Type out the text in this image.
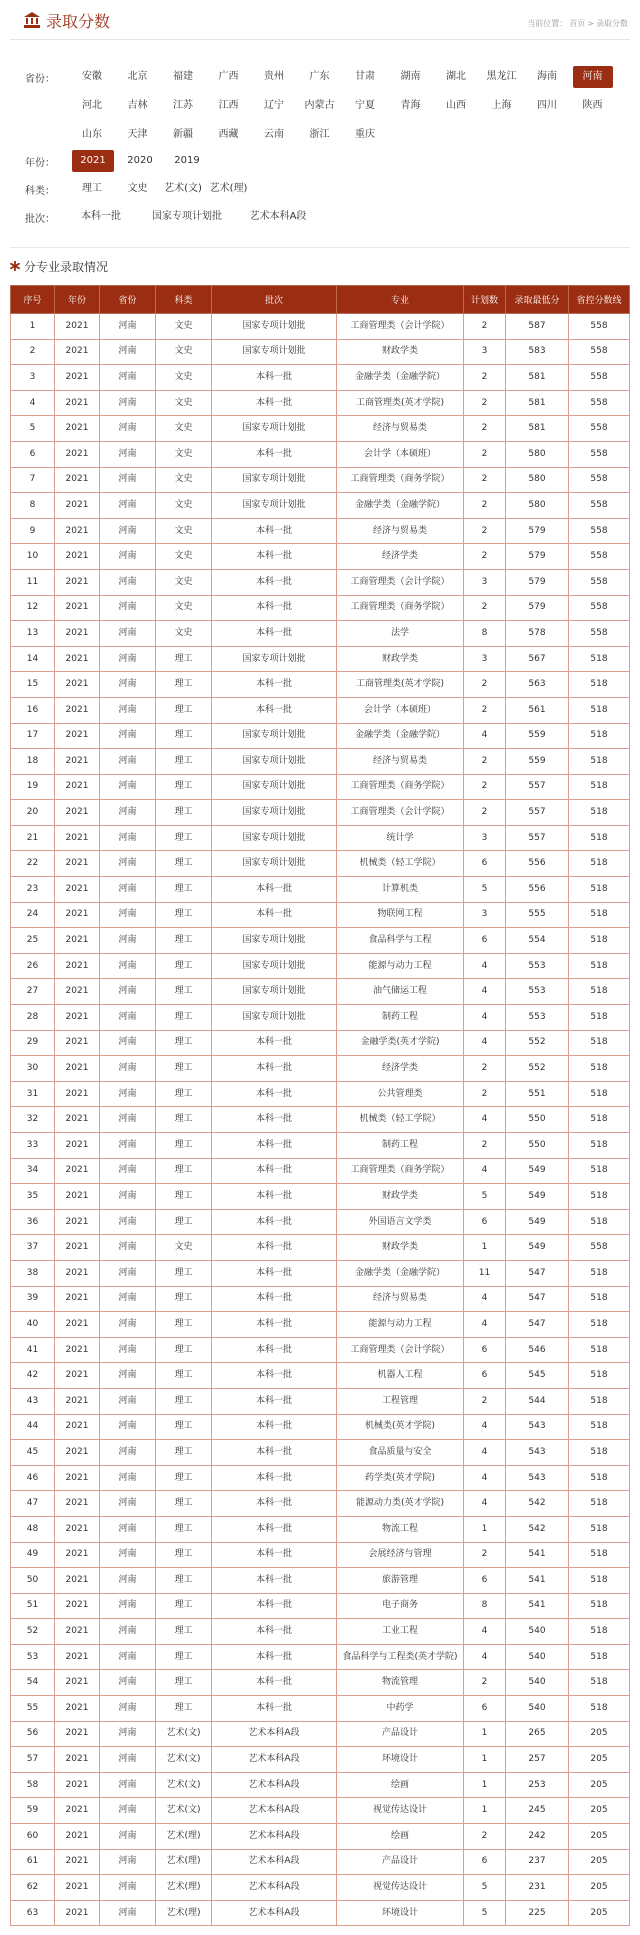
录取分数	当前位置： 首页 > 录取分数
省份：	安徽	北京	福建	广西	贵州	广东	甘肃	湖南	湖北	黑龙江	海南	河南
河北	吉林	江苏	江西	辽宁	内蒙古	宁夏	青海	山西	上海	四川	陕西
山东	天津	新疆	西藏	云南	浙江	重庆
年份：	2021	2020	2019
科类：	理工	文史	艺术(文) 艺术(理)
批次：	本科一批	国家专项计划批	艺术本科A段
分专业录取情况
序号	年份	省份	科类	批次	专业	计划数	录取最低分	省控分数线
1	2021	河南	文史	国家专项计划批	工商管理类（会计学院）	2	587	558
2	2021	河南	文史	国家专项计划批	财政学类	3	583	558
3	2021	河南	文史	本科一批	金融学类（金融学院）	2	581	558
4	2021	河南	文史	本科一批	工商管理类(英才学院)	2	581	558
5	2021	河南	文史	国家专项计划批	经济与贸易类	2	581	558
6	2021	河南	文史	本科一批	会计学（本硕班）	2	580	558
7	2021	河南	文史	国家专项计划批	工商管理类（商务学院）	2	580	558
8	2021	河南	文史	国家专项计划批	金融学类（金融学院）	2	580	558
9	2021	河南	文史	本科一批	经济与贸易类	2	579	558
10	2021	河南	文史	本科一批	经济学类	2	579	558
11	2021	河南	文史	本科一批	工商管理类（会计学院）	3	579	558
12	2021	河南	文史	本科一批	工商管理类（商务学院）	2	579	558
13	2021	河南	文史	本科一批	法学	8	578	558
14	2021	河南	理工	国家专项计划批	财政学类	3	567	518
15	2021	河南	理工	本科一批	工商管理类(英才学院)	2	563	518
16	2021	河南	理工	本科一批	会计学（本硕班）	2	561	518
17	2021	河南	理工	国家专项计划批	金融学类（金融学院）	4	559	518
18	2021	河南	理工	国家专项计划批	经济与贸易类	2	559	518
19	2021	河南	理工	国家专项计划批	工商管理类（商务学院）	2	557	518
20	2021	河南	理工	国家专项计划批	工商管理类（会计学院）	2	557	518
21	2021	河南	理工	国家专项计划批	统计学	3	557	518
22	2021	河南	理工	国家专项计划批	机械类（轻工学院）	6	556	518
23	2021	河南	理工	本科一批	计算机类	5	556	518
24	2021	河南	理工	本科一批	物联网工程	3	555	518
25	2021	河南	理工	国家专项计划批	食品科学与工程	6	554	518
26	2021	河南	理工	国家专项计划批	能源与动力工程	4	553	518
27	2021	河南	理工	国家专项计划批	油气储运工程	4	553	518
28	2021	河南	理工	国家专项计划批	制药工程	4	553	518
29	2021	河南	理工	本科一批	金融学类(英才学院)	4	552	518
30	2021	河南	理工	本科一批	经济学类	2	552	518
31	2021	河南	理工	本科一批	公共管理类	2	551	518
32	2021	河南	理工	本科一批	机械类（轻工学院）	4	550	518
33	2021	河南	理工	本科一批	制药工程	2	550	518
34	2021	河南	理工	本科一批	工商管理类（商务学院）	4	549	518
35	2021	河南	理工	本科一批	财政学类	5	549	518
36	2021	河南	理工	本科一批	外国语言文学类	6	549	518
37	2021	河南	文史	本科一批	财政学类	1	549	558
38	2021	河南	理工	本科一批	金融学类（金融学院）	11	547	518
39	2021	河南	理工	本科一批	经济与贸易类	4	547	518
40	2021	河南	理工	本科一批	能源与动力工程	4	547	518
41	2021	河南	理工	本科一批	工商管理类（会计学院）	6	546	518
42	2021	河南	理工	本科一批	机器人工程	6	545	518
43	2021	河南	理工	本科一批	工程管理	2	544	518
44	2021	河南	理工	本科一批	机械类(英才学院)	4	543	518
45	2021	河南	理工	本科一批	食品质量与安全	4	543	518
46	2021	河南	理工	本科一批	药学类(英才学院)	4	543	518
47	2021	河南	理工	本科一批	能源动力类(英才学院)	4	542	518
48	2021	河南	理工	本科一批	物流工程	1	542	518
49	2021	河南	理工	本科一批	会展经济与管理	2	541	518
50	2021	河南	理工	本科一批	旅游管理	6	541	518
51	2021	河南	理工	本科一批	电子商务	8	541	518
52	2021	河南	理工	本科一批	工业工程	4	540	518
53	2021	河南	理工	本科一批	食品科学与工程类(英才学院)	4	540	518
54	2021	河南	理工	本科一批	物流管理	2	540	518
55	2021	河南	理工	本科一批	中药学	6	540	518
56	2021	河南	艺术(文)	艺术本科A段	产品设计	1	265	205
57	2021	河南	艺术(文)	艺术本科A段	环境设计	1	257	205
58	2021	河南	艺术(文)	艺术本科A段	绘画	1	253	205
59	2021	河南	艺术(文)	艺术本科A段	视觉传达设计	1	245	205
60	2021	河南	艺术(理)	艺术本科A段	绘画	2	242	205
61	2021	河南	艺术(理)	艺术本科A段	产品设计	6	237	205
62	2021	河南	艺术(理)	艺术本科A段	视觉传达设计	5	231	205
63	2021	河南	艺术(理)	艺术本科A段	环境设计	5	225	205
